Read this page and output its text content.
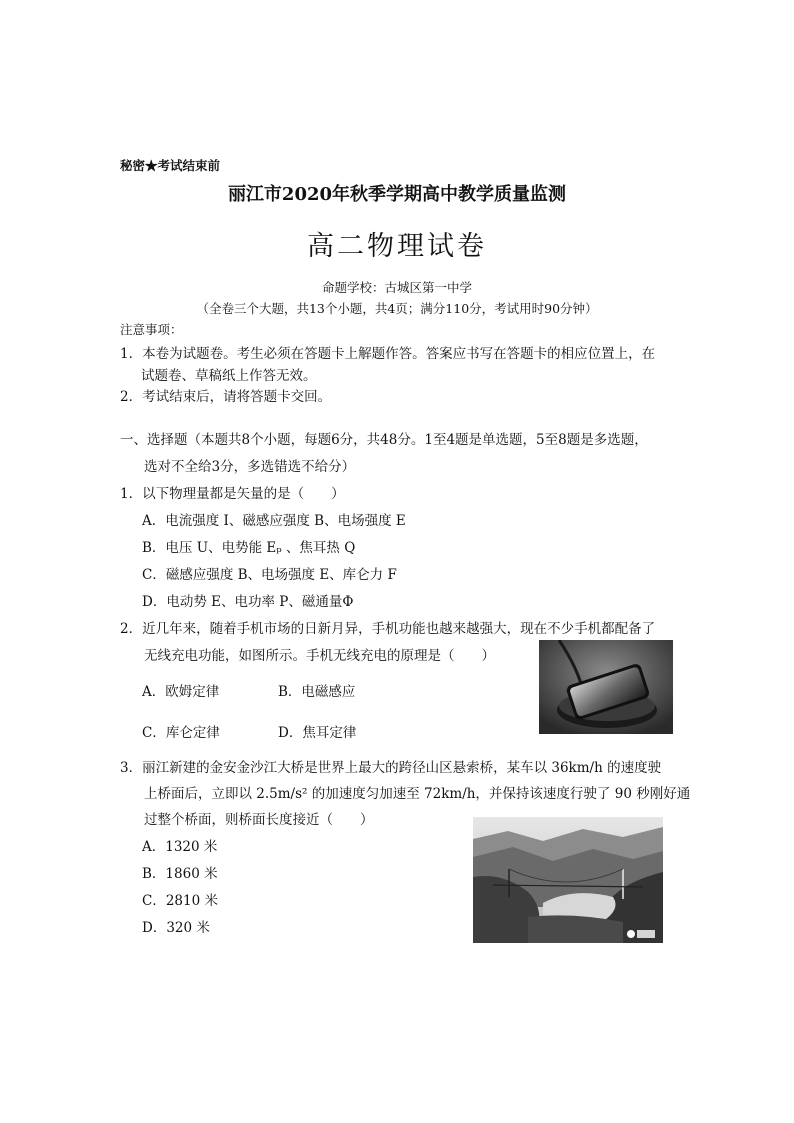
秘密★考试结束前
丽江市2020年秋季学期高中教学质量监测
高二物理试卷
命题学校：古城区第一中学
（全卷三个大题，共13个小题，共4页；满分110分，考试用时90分钟）
注意事项：
1．本卷为试题卷。考生必须在答题卡上解题作答。答案应书写在答题卡的相应位置上，在
试题卷、草稿纸上作答无效。
2．考试结束后，请将答题卡交回。
一、选择题（本题共8个小题，每题6分，共48分。1至4题是单选题，5至8题是多选题，
选对不全给3分，多选错选不给分）
1．以下物理量都是矢量的是（　　）
A．电流强度 I、磁感应强度 B、电场强度 E
B．电压 U、电势能 Eₚ 、焦耳热 Q
C．磁感应强度 B、电场强度 E、库仑力 F
D．电动势 E、电功率 P、磁通量Φ
2．近几年来，随着手机市场的日新月异，手机功能也越来越强大，现在不少手机都配备了
无线充电功能，如图所示。手机无线充电的原理是（　　）
A．欧姆定律	B．电磁感应
C．库仑定律	D．焦耳定律
3．丽江新建的金安金沙江大桥是世界上最大的跨径山区悬索桥，某车以 36km/h 的速度驶
上桥面后，立即以 2.5m/s² 的加速度匀加速至 72km/h，并保持该速度行驶了 90 秒刚好通
过整个桥面，则桥面长度接近（　　）
A．1320 米
B．1860 米
C．2810 米
D．320 米
